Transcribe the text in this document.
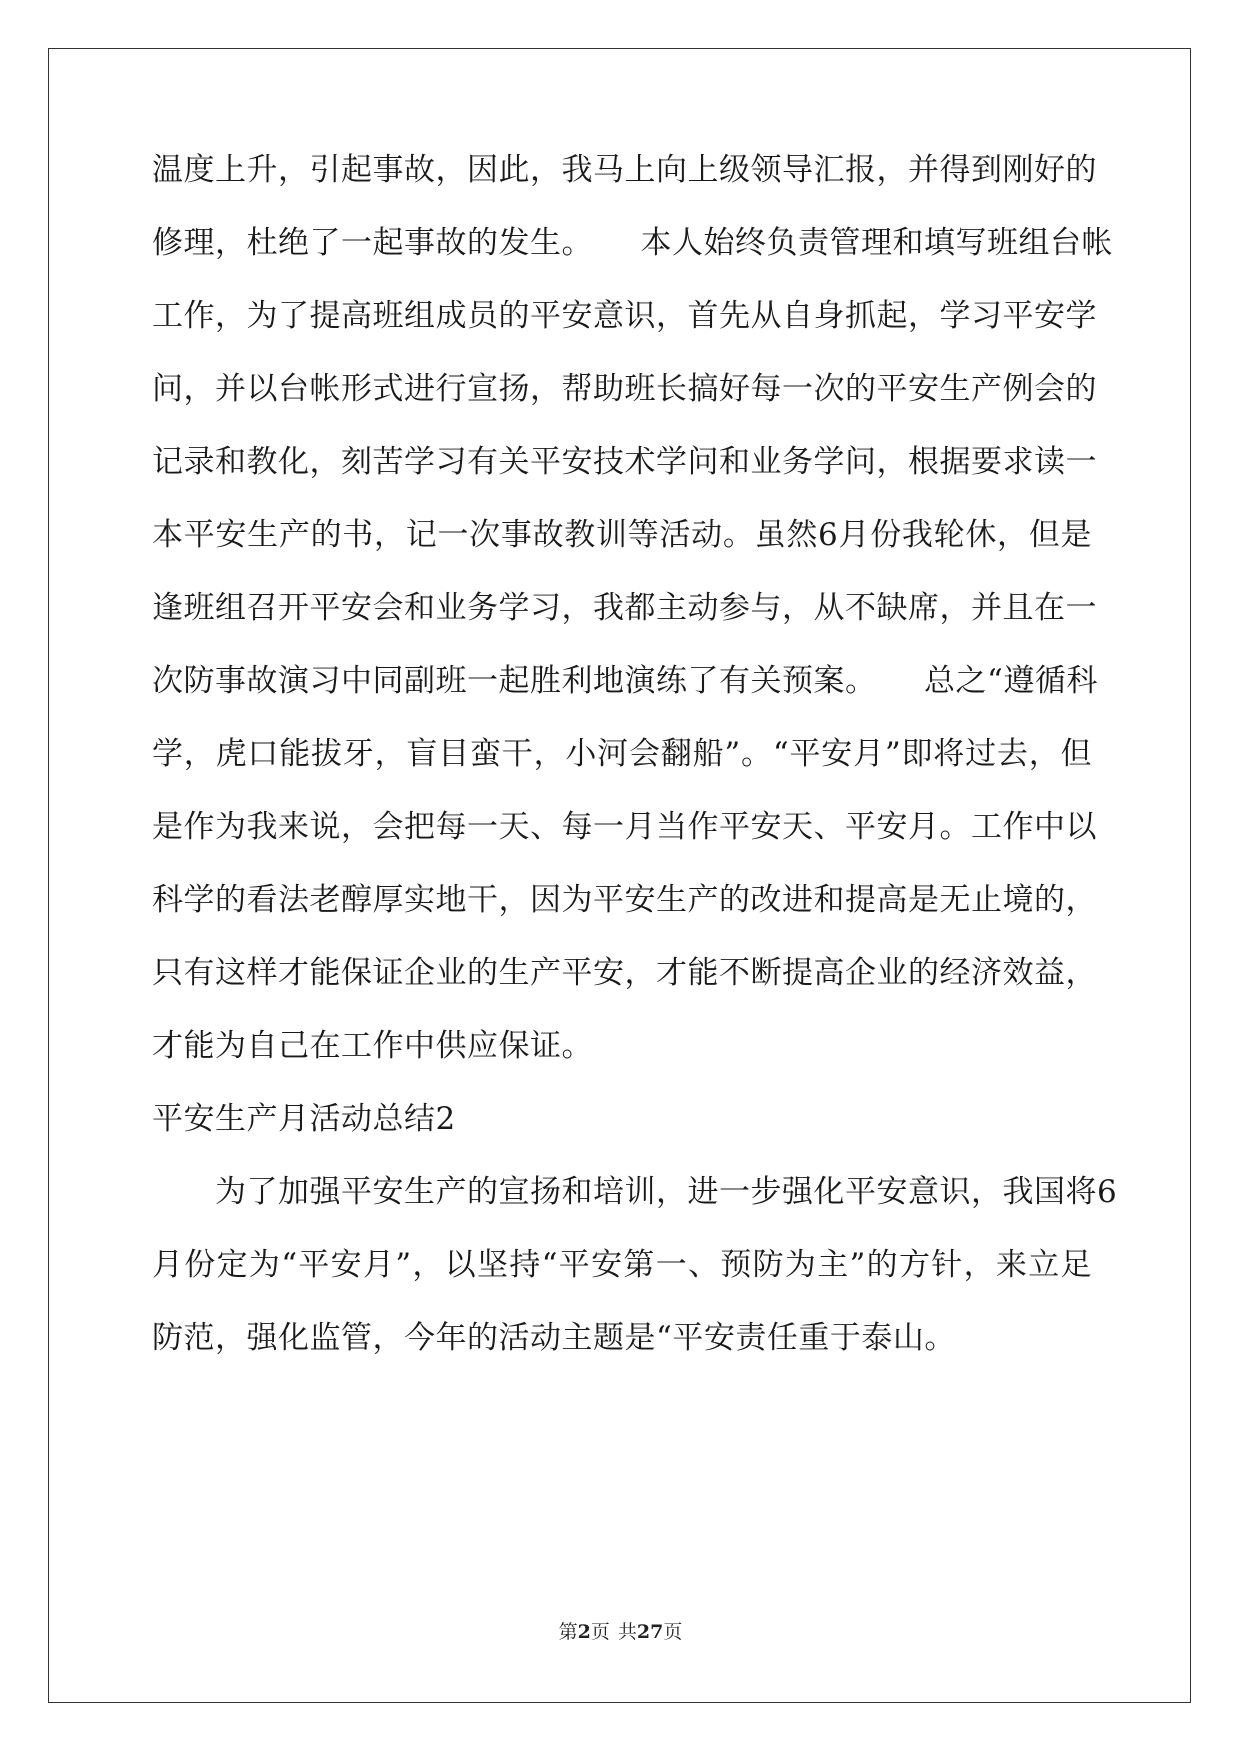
温度上升，引起事故，因此，我马上向上级领导汇报，并得到刚好的
修理，杜绝了一起事故的发生。　　本人始终负责管理和填写班组台帐
工作，为了提高班组成员的平安意识，首先从自身抓起，学习平安学
问，并以台帐形式进行宣扬，帮助班长搞好每一次的平安生产例会的
记录和教化，刻苦学习有关平安技术学问和业务学问，根据要求读一
本平安生产的书，记一次事故教训等活动。虽然6月份我轮休，但是
逢班组召开平安会和业务学习，我都主动参与，从不缺席，并且在一
次防事故演习中同副班一起胜利地演练了有关预案。　　总之“遵循科
学，虎口能拔牙，盲目蛮干，小河会翻船”。“平安月”即将过去，但
是作为我来说，会把每一天、每一月当作平安天、平安月。工作中以
科学的看法老醇厚实地干，因为平安生产的改进和提高是无止境的，
只有这样才能保证企业的生产平安，才能不断提高企业的经济效益，
才能为自己在工作中供应保证。
平安生产月活动总结2
　　为了加强平安生产的宣扬和培训，进一步强化平安意识，我国将6
月份定为“平安月”，以坚持“平安第一、预防为主”的方针，来立足
防范，强化监管，今年的活动主题是“平安责任重于泰山。
第2页 共27页
